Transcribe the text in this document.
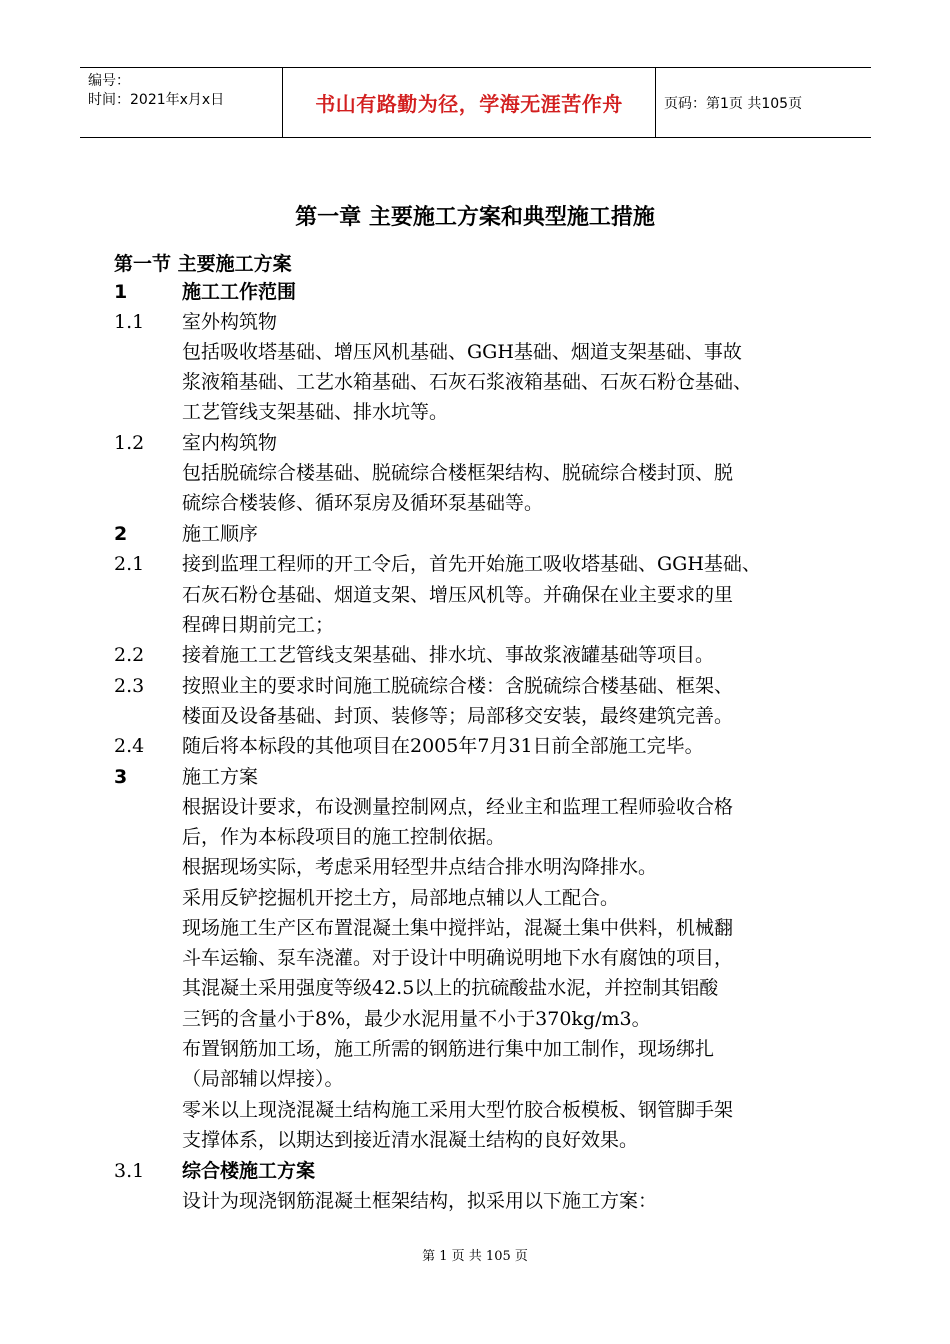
编号：
时间：2021年x月x日	书山有路勤为径，学海无涯苦作舟	页码：第1页 共105页
第一章 主要施工方案和典型施工措施
第一节 主要施工方案
1	施工工作范围
1.1 室外构筑物
包括吸收塔基础、增压风机基础、GGH基础、烟道支架基础、事故
浆液箱基础、工艺水箱基础、石灰石浆液箱基础、石灰石粉仓基础、
工艺管线支架基础、排水坑等。
1.2 室内构筑物
包括脱硫综合楼基础、脱硫综合楼框架结构、脱硫综合楼封顶、脱
硫综合楼装修、循环泵房及循环泵基础等。
2	施工顺序
2.1 接到监理工程师的开工令后，首先开始施工吸收塔基础、GGH基础、
石灰石粉仓基础、烟道支架、增压风机等。并确保在业主要求的里
程碑日期前完工；
2.2 接着施工工艺管线支架基础、排水坑、事故浆液罐基础等项目。
2.3 按照业主的要求时间施工脱硫综合楼：含脱硫综合楼基础、框架、
楼面及设备基础、封顶、装修等；局部移交安装，最终建筑完善。
2.4 随后将本标段的其他项目在2005年7月31日前全部施工完毕。
3	施工方案
根据设计要求，布设测量控制网点，经业主和监理工程师验收合格
后，作为本标段项目的施工控制依据。
根据现场实际，考虑采用轻型井点结合排水明沟降排水。
采用反铲挖掘机开挖土方，局部地点辅以人工配合。
现场施工生产区布置混凝土集中搅拌站，混凝土集中供料，机械翻
斗车运输、泵车浇灌。对于设计中明确说明地下水有腐蚀的项目，
其混凝土采用强度等级42.5以上的抗硫酸盐水泥，并控制其铝酸
三钙的含量小于8%，最少水泥用量不小于370kg/m3。
布置钢筋加工场，施工所需的钢筋进行集中加工制作，现场绑扎
（局部辅以焊接）。
零米以上现浇混凝土结构施工采用大型竹胶合板模板、钢管脚手架
支撑体系，以期达到接近清水混凝土结构的良好效果。
3.1 综合楼施工方案
设计为现浇钢筋混凝土框架结构，拟采用以下施工方案：
第 1 页 共 105 页
